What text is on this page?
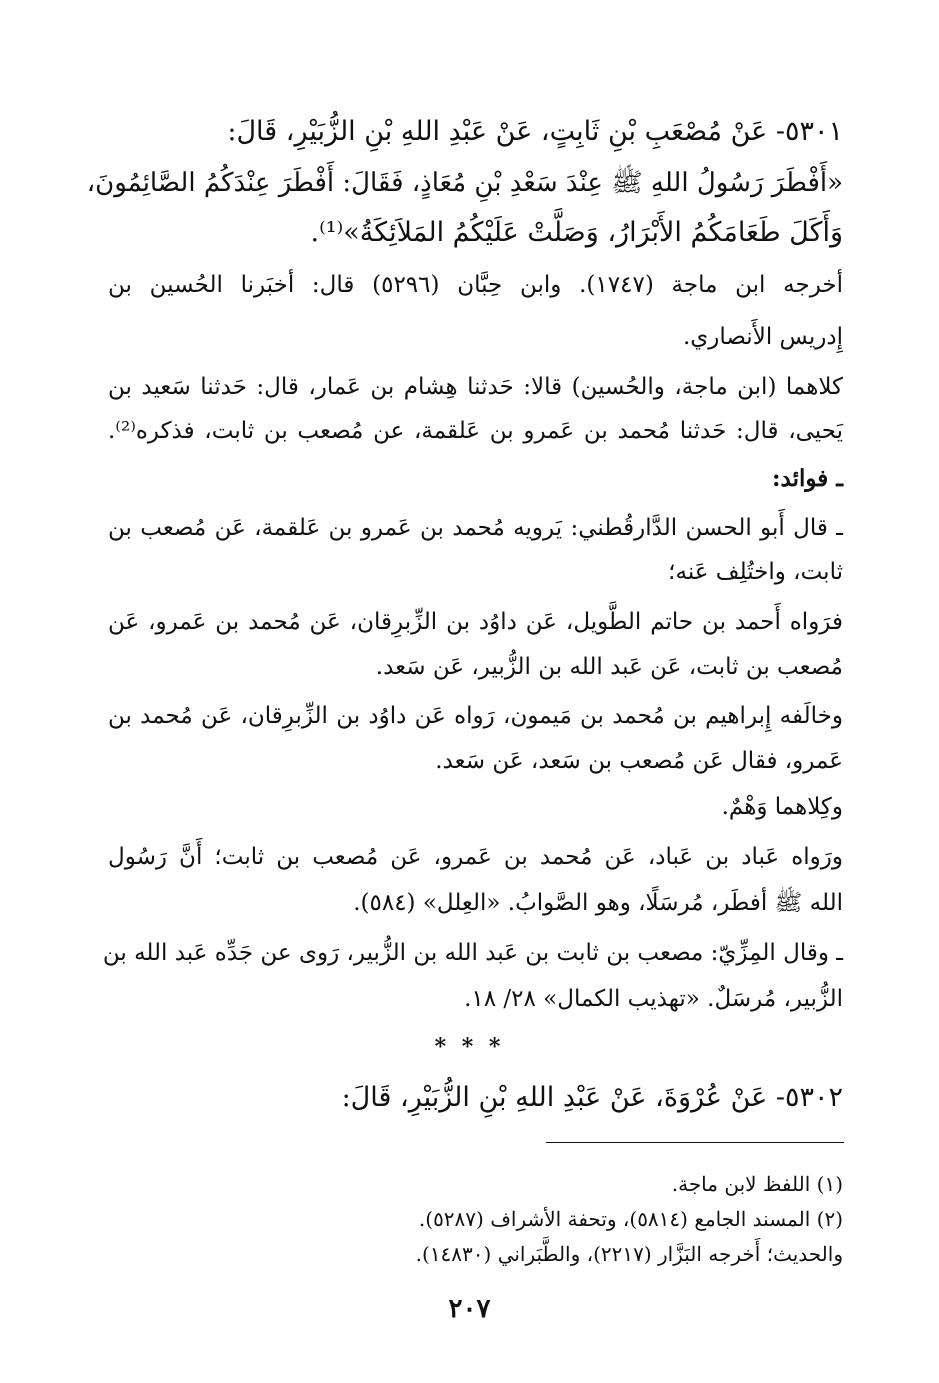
٥٣٠١- عَنْ مُصْعَبِ بْنِ ثَابِتٍ، عَنْ عَبْدِ اللهِ بْنِ الزُّبَيْرِ، قَالَ:
«أَفْطَرَ رَسُولُ اللهِ ﷺ عِنْدَ سَعْدِ بْنِ مُعَاذٍ، فَقَالَ: أَفْطَرَ عِنْدَكُمُ الصَّائِمُونَ،
وَأَكَلَ طَعَامَكُمُ الأَبْرَارُ، وَصَلَّتْ عَلَيْكُمُ المَلاَئِكَةُ»⁽¹⁾.
أخرجه ابن ماجة (١٧٤٧). وابن حِبَّان (٥٢٩٦) قال: أخبَرنا الحُسين بن
إِدريس الأَنصاري.
كلاهما (ابن ماجة، والحُسين) قالا: حَدثنا هِشام بن عَمار، قال: حَدثنا سَعيد بن
يَحيى، قال: حَدثنا مُحمد بن عَمرو بن عَلقمة، عن مُصعب بن ثابت، فذكره⁽²⁾.
ـ فوائد:
ـ قال أَبو الحسن الدَّارقُطني: يَرويه مُحمد بن عَمرو بن عَلقمة، عَن مُصعب بن
ثابت، واختُلِف عَنه؛
فرَواه أَحمد بن حاتم الطَّويل، عَن داوُد بن الزِّبرِقان، عَن مُحمد بن عَمرو، عَن
مُصعب بن ثابت، عَن عَبد الله بن الزُّبير، عَن سَعد.
وخالَفه إِبراهيم بن مُحمد بن مَيمون، رَواه عَن داوُد بن الزِّبرِقان، عَن مُحمد بن
عَمرو، فقال عَن مُصعب بن سَعد، عَن سَعد.
وكِلاهما وَهْمٌ.
ورَواه عَباد بن عَباد، عَن مُحمد بن عَمرو، عَن مُصعب بن ثابت؛ أَنَّ رَسُول
الله ﷺ أفطَر، مُرسَلًا، وهو الصَّوابُ. «العِلل» (٥٨٤).
ـ وقال المِزِّيّ: مصعب بن ثابت بن عَبد الله بن الزُّبير، رَوى عن جَدِّه عَبد الله بن
الزُّبير، مُرسَلٌ. «تهذيب الكمال» ٢٨/ ١٨.
* * *
٥٣٠٢- عَنْ عُرْوَةَ، عَنْ عَبْدِ اللهِ بْنِ الزُّبَيْرِ، قَالَ:
(١) اللفظ لابن ماجة.
(٢) المسند الجامع (٥٨١٤)، وتحفة الأشراف (٥٢٨٧).
والحديث؛ أَخرجه البَزَّار (٢٢١٧)، والطَّبَراني (١٤٨٣٠).
٢٠٧
